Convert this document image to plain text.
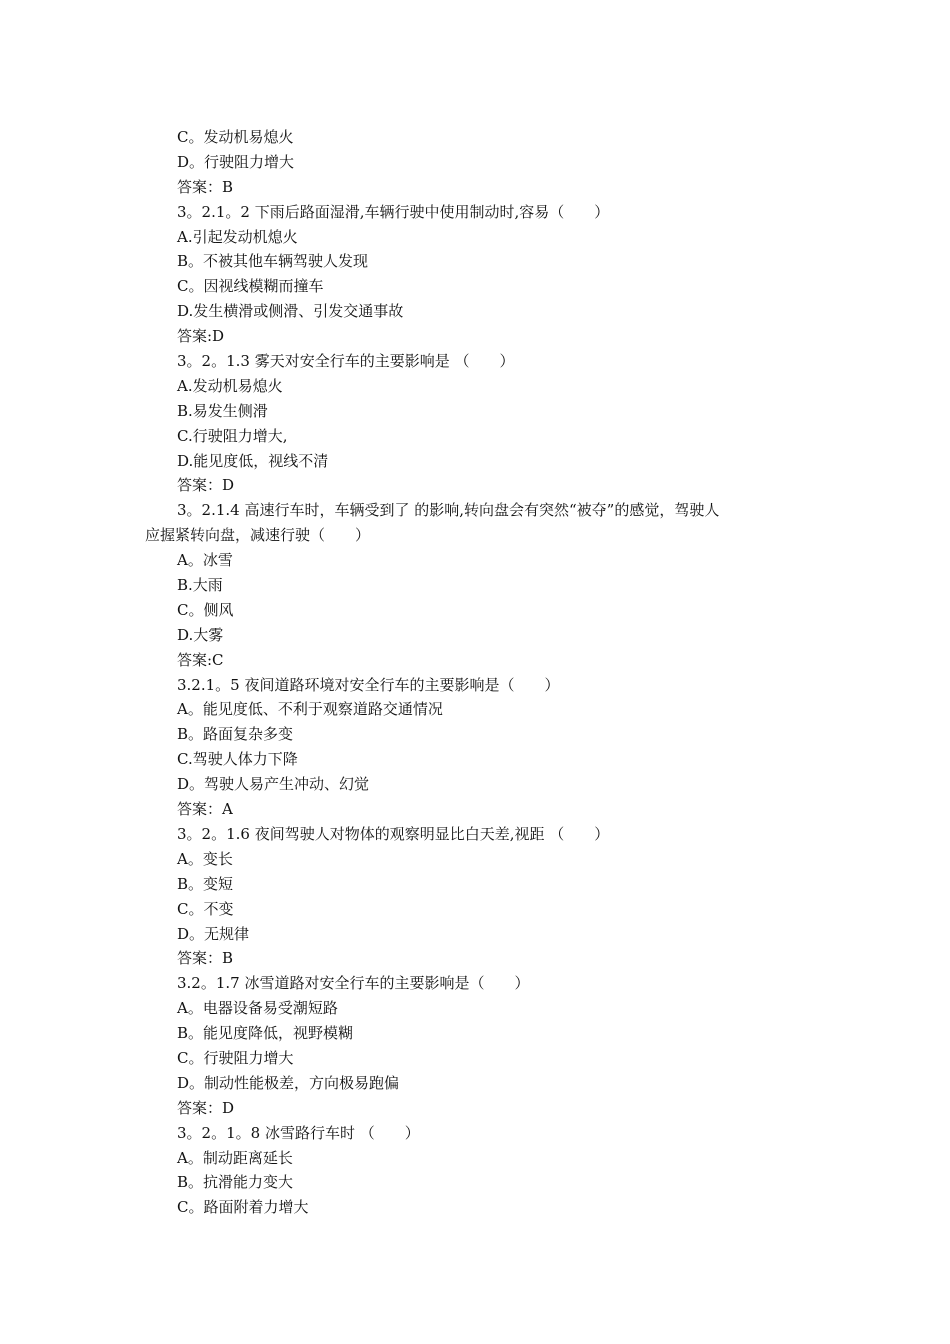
C。发动机易熄火
D。行驶阻力增大
答案：B
3。2.1。2 下雨后路面湿滑,车辆行驶中使用制动时,容易（　　）
A.引起发动机熄火
B。不被其他车辆驾驶人发现
C。因视线模糊而撞车
D.发生横滑或侧滑、引发交通事故
答案:D
3。2。1.3 雾天对安全行车的主要影响是 （　　）
A.发动机易熄火
B.易发生侧滑
C.行驶阻力增大,
D.能见度低，视线不清
答案：D
3。2.1.4 高速行车时，车辆受到了 的影响,转向盘会有突然“被夺”的感觉，驾驶人
应握紧转向盘，减速行驶（　　）
A。冰雪
B.大雨
C。侧风
D.大雾
答案:C
3.2.1。5 夜间道路环境对安全行车的主要影响是（　　）
A。能见度低、不利于观察道路交通情况
B。路面复杂多变
C.驾驶人体力下降
D。驾驶人易产生冲动、幻觉
答案：A
3。2。1.6 夜间驾驶人对物体的观察明显比白天差,视距 （　　）
A。变长
B。变短
C。不变
D。无规律
答案：B
3.2。1.7 冰雪道路对安全行车的主要影响是（　　）
A。电器设备易受潮短路
B。能见度降低，视野模糊
C。行驶阻力增大
D。制动性能极差，方向极易跑偏
答案：D
3。2。1。8 冰雪路行车时 （　　）
A。制动距离延长
B。抗滑能力变大
C。路面附着力增大
